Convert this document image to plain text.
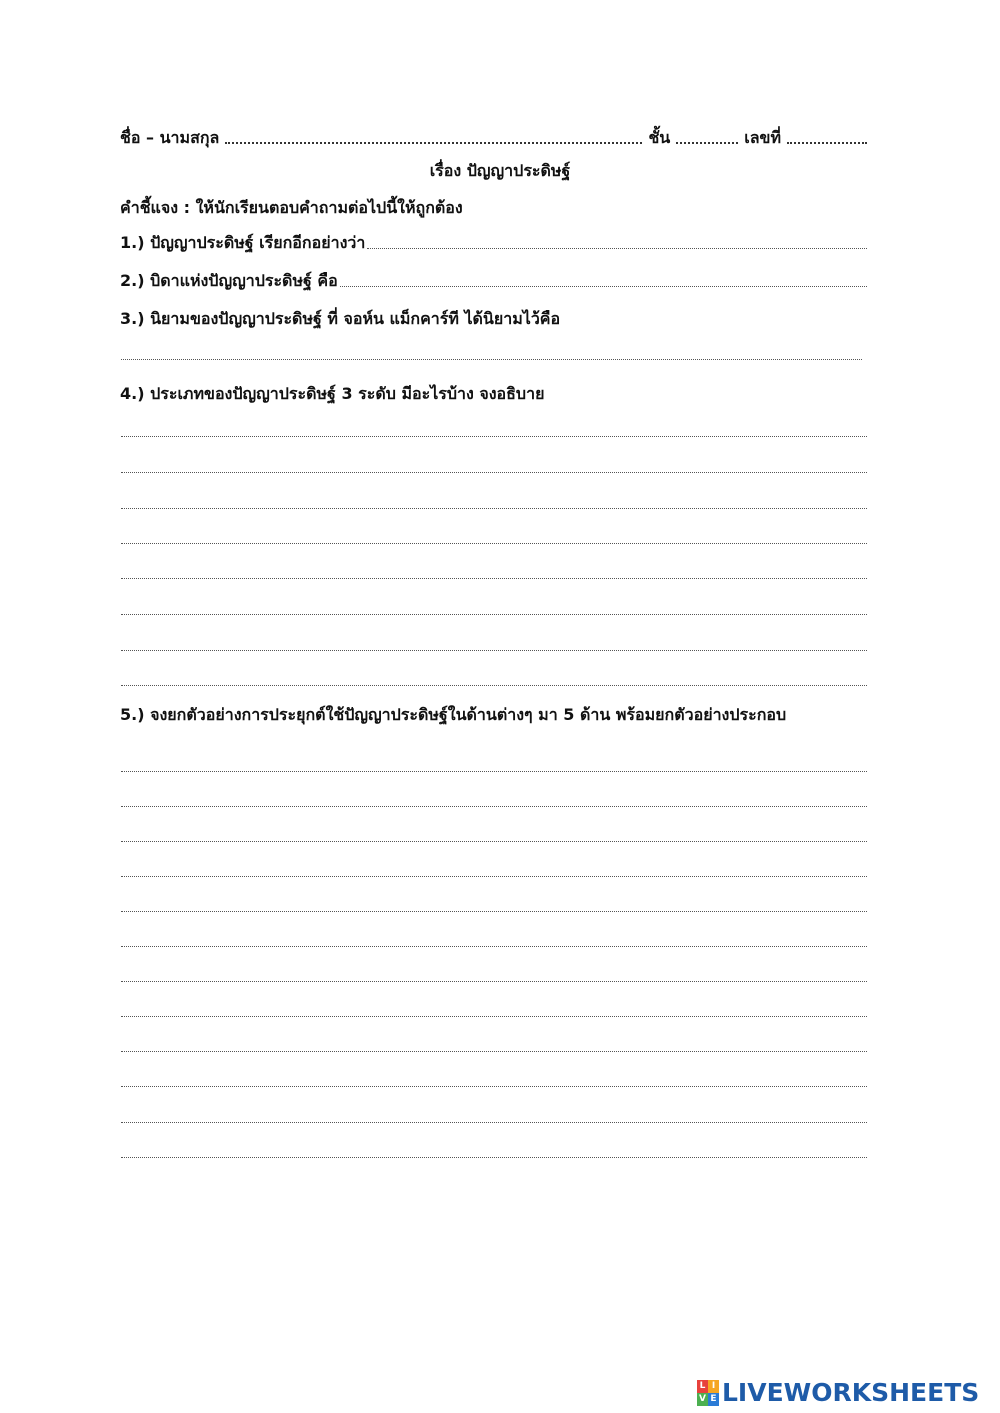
ชื่อ – นามสกุล	ชั้น	เลขที่
เรื่อง ปัญญาประดิษฐ์
คำชี้แจง : ให้นักเรียนตอบคำถามต่อไปนี้ให้ถูกต้อง
1.) ปัญญาประดิษฐ์ เรียกอีกอย่างว่า
2.) บิดาแห่งปัญญาประดิษฐ์ คือ
3.) นิยามของปัญญาประดิษฐ์ ที่ จอห์น แม็กคาร์ที ได้นิยามไว้คือ
4.) ประเภทของปัญญาประดิษฐ์ 3 ระดับ มีอะไรบ้าง จงอธิบาย
5.) จงยกตัวอย่างการประยุกต์ใช้ปัญญาประดิษฐ์ในด้านต่างๆ มา 5 ด้าน พร้อมยกตัวอย่างประกอบ
L I
V E LIVEWORKSHEETS
